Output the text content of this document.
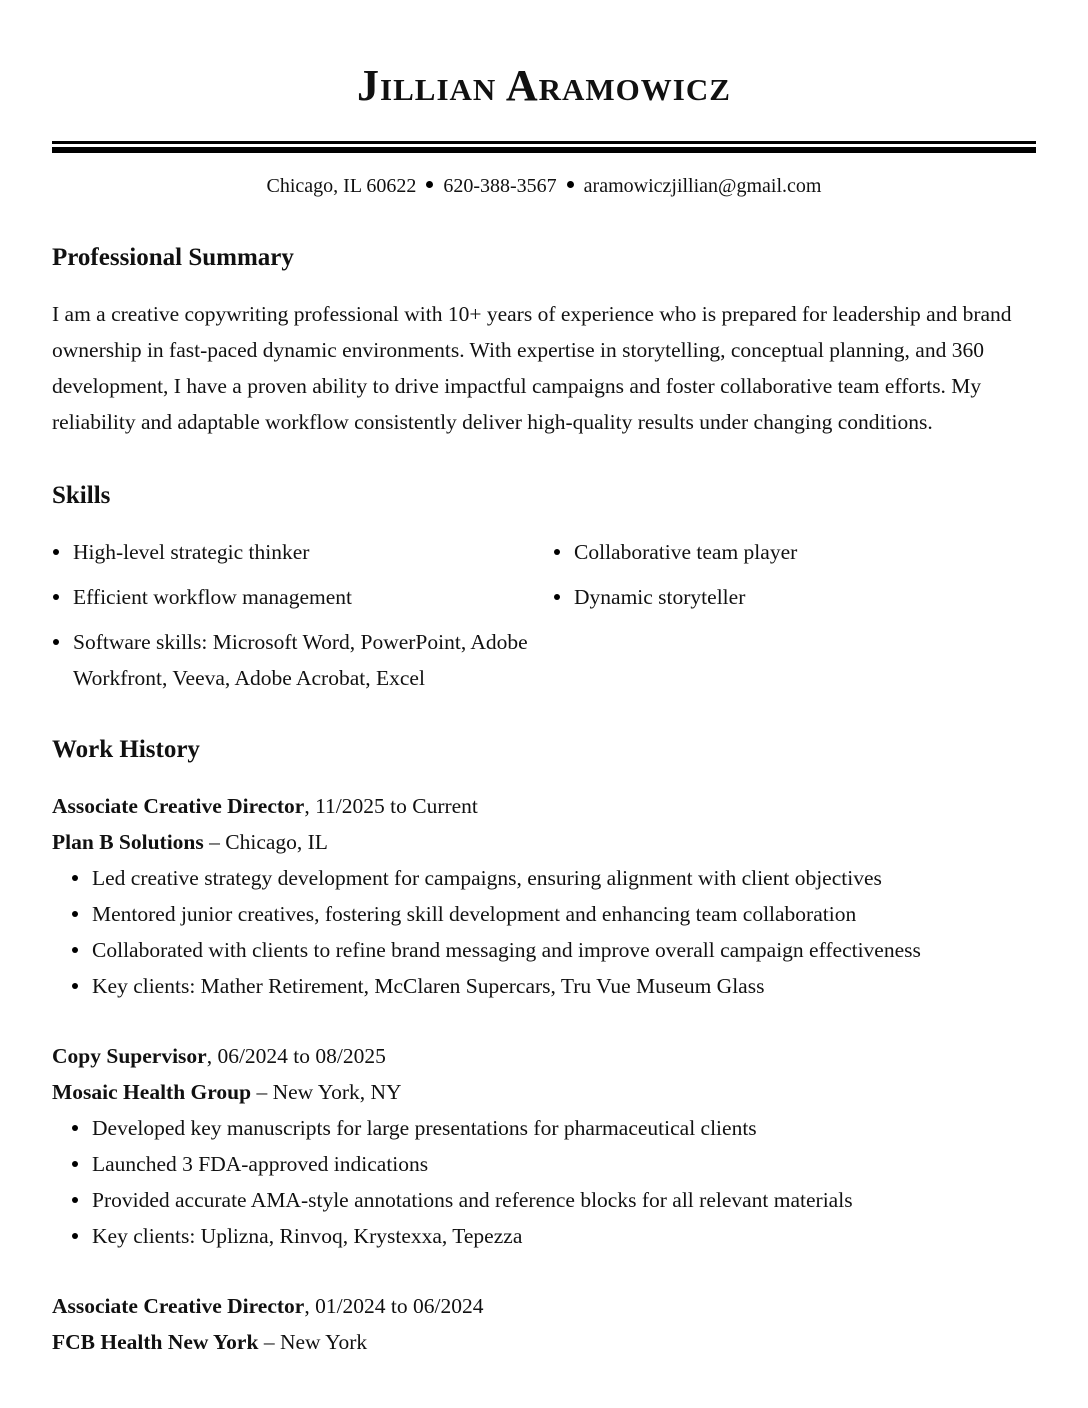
Jillian Aramowicz
Chicago, IL 60622 620-388-3567 aramowiczjillian@gmail.com
Professional Summary
I am a creative copywriting professional with 10+ years of experience who is prepared for leadership and brand ownership in fast-paced dynamic environments. With expertise in storytelling, conceptual planning, and 360 development, I have a proven ability to drive impactful campaigns and foster collaborative team efforts. My reliability and adaptable workflow consistently deliver high-quality results under changing conditions.
Skills
High-level strategic thinker	Collaborative team player
Efficient workflow management	Dynamic storyteller
Software skills: Microsoft Word, PowerPoint, Adobe Workfront, Veeva, Adobe Acrobat, Excel
Work History
Associate Creative Director, 11/2025 to Current
Plan B Solutions – Chicago, IL
Led creative strategy development for campaigns, ensuring alignment with client objectives
Mentored junior creatives, fostering skill development and enhancing team collaboration
Collaborated with clients to refine brand messaging and improve overall campaign effectiveness
Key clients: Mather Retirement, McClaren Supercars, Tru Vue Museum Glass
Copy Supervisor, 06/2024 to 08/2025
Mosaic Health Group – New York, NY
Developed key manuscripts for large presentations for pharmaceutical clients
Launched 3 FDA-approved indications
Provided accurate AMA-style annotations and reference blocks for all relevant materials
Key clients: Uplizna, Rinvoq, Krystexxa, Tepezza
Associate Creative Director, 01/2024 to 06/2024
FCB Health New York – New York
